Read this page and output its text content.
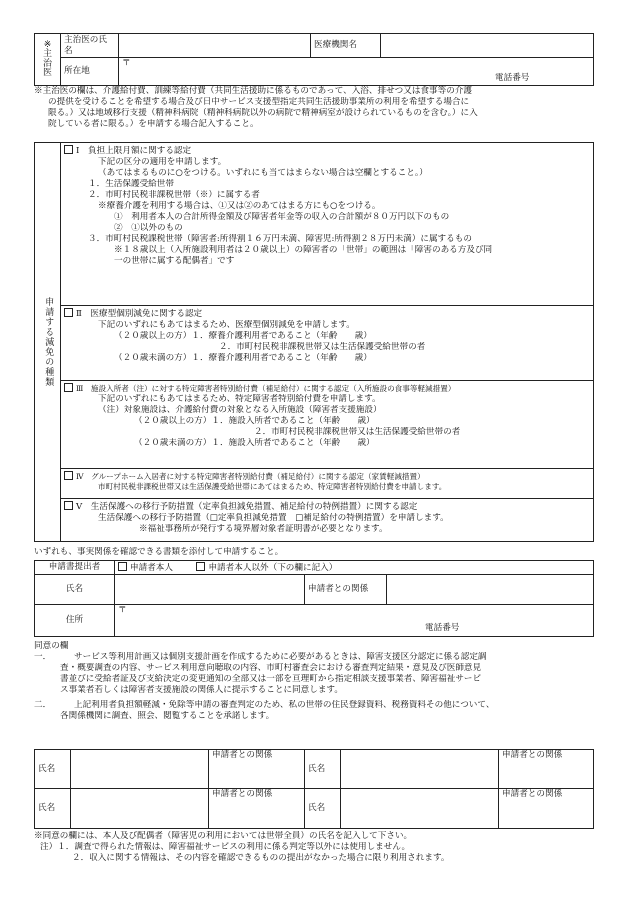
※
主
治
医	主治医の氏名		医療機関名	
	所在地	〒
電話番号		
※主治医の欄は、介護給付費、訓練等給付費（共同生活援助に係るものであって、入浴、排せつ又は食事等の介護
の提供を受けることを希望する場合及び日中サービス支援型指定共同生活援助事業所の利用を希望する場合に
限る。）又は地域移行支援（精神科病院（精神科病院以外の病院で精神病室が設けられているものを含む。）に入
院している者に限る。）を申請する場合記入すること。
申請する減免の種類

Ⅰ　負担上限月額に関する認定
下記の区分の適用を申請します。
（あてはまるものに○をつける。いずれにも当てはまらない場合は空欄とすること。）
１．生活保護受給世帯
２．市町村民税非課税世帯（※）に属する者
※療養介護を利用する場合は、①又は②のあてはまる方にも○をつける。
①　利用者本人の合計所得金額及び障害者年金等の収入の合計額が８０万円以下のもの
②　①以外のもの
３．市町村民税課税世帯（障害者:所得割１６万円未満、障害児:所得割２８万円未満）に属するもの
※１８歳以上（入所施設利用者は２０歳以上）の障害者の「世帯」の範囲は「障害のある方及び同
一の世帯に属する配偶者」です

Ⅱ　医療型個別減免に関する認定
下記のいずれにもあてはまるため、医療型個別減免を申請します。
（２０歳以上の方）１．療養介護利用者であること（年齢　　歳）
２．市町村民税非課税世帯又は生活保護受給世帯の者
（２０歳未満の方）１．療養介護利用者であること（年齢　　歳）

Ⅲ　施設入所者（注）に対する特定障害者特別給付費（補足給付）に関する認定（入所施設の食事等軽減措置）
下記のいずれにもあてはまるため、特定障害者特別給付費を申請します。
（注）対象施設は、介護給付費の対象となる入所施設（障害者支援施設）
（２０歳以上の方）１．施設入所者であること（年齢　　歳）
２．市町村民税非課税世帯又は生活保護受給世帯の者
（２０歳未満の方）１．施設入所者であること（年齢　　歳）

Ⅳ　グループホーム入居者に対する特定障害者特別給付費（補足給付）に関する認定（家賃軽減措置）
市町村民税非課税世帯又は生活保護受給世帯にあてはまるため、特定障害者特別給付費を申請します。

Ⅴ　生活保護への移行予防措置（定率負担減免措置、補足給付の特例措置）に関する認定
生活保護への移行予防措置（□定率負担減免措置　□補足給付の特例措置）を申請します。
※福祉事務所が発行する境界層対象者証明書が必要となります。
いずれも、事実関係を確認できる書類を添付して申請すること。
申請書提出者	申請者本人 申請者本人以外（下の欄に記入）		
氏名		申請者との関係	
住所	〒
電話番号		
同意の欄
一．	サービス等利用計画又は個別支援計画を作成するために必要があるときは、障害支援区分認定に係る認定調
査・概要調査の内容、サービス利用意向聴取の内容、市町村審査会における審査判定結果・意見及び医師意見
書並びに受給者証及び支給決定の変更通知の全部又は一部を亘理町から指定相談支援事業者、障害福祉サービ
ス事業者若しくは障害者支援施設の関係人に提示することに同意します。
二．	上記利用者負担額軽減・免除等申請の審査判定のため、私の世帯の住民登録資料、税務資料その他について、
各関係機関に調査、照会、閲覧することを承諾します。
氏名		申請者との関係	氏名		申請者との関係
氏名		申請者との関係	氏名		申請者との関係
※同意の欄には、本人及び配偶者（障害児の利用においては世帯全員）の氏名を記入して下さい。
注）１．調査で得られた情報は、障害福祉サービスの利用に係る判定等以外には使用しません。
２．収入に関する情報は、その内容を確認できるものの提出がなかった場合に限り利用されます。
